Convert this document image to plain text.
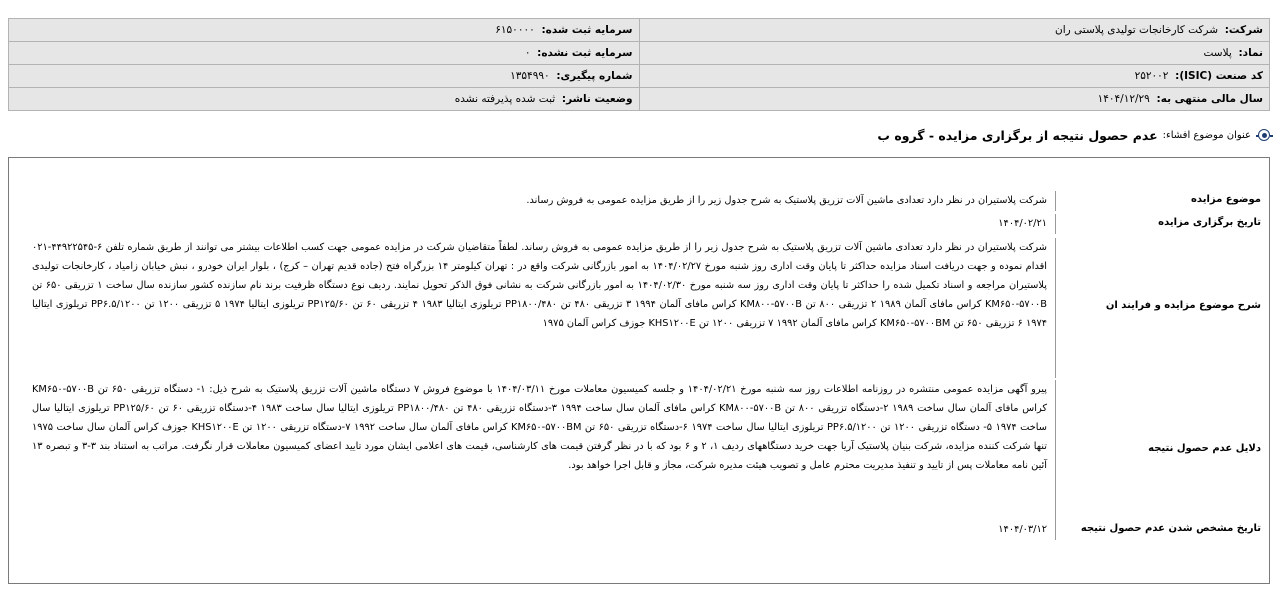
شرکت:  شرکت کارخانجات تولیدی پلاستی ران	سرمایه ثبت شده:  ۶۱۵۰۰۰۰
نماد:  پلاست	سرمایه ثبت نشده:  ۰
کد صنعت (ISIC):  ۲۵۲۰۰۲	شماره پیگیری:  ۱۳۵۴۹۹۰
سال مالی منتهی به:  ۱۴۰۴/۱۲/۲۹	وضعیت ناشر:  ثبت شده پذیرفته نشده
عنوان موضوع افشاء:
عدم حصول نتیجه از برگزاری مزایده - گروه ب
موضوع مزایده
شرکت پلاستیران در نظر دارد تعدادی ماشین آلات تزریق پلاستیک به شرح جدول زیر را از طریق مزایده عمومی به فروش رساند.
تاریخ برگزاری مزایده
۱۴۰۴/۰۲/۲۱
شرح موضوع مزایده و فرایند ان
شرکت پلاستیران در نظر دارد تعدادی ماشین آلات تزریق پلاستیک به شرح جدول زیر را از طریق مزایده عمومی به فروش رساند. لطفاً متقاضیان شرکت در مزایده عمومی جهت کسب اطلاعات بیشتر می توانند از طریق شماره تلفن ۶-۴۴۹۲۲۵۴۵-۰۲۱ اقدام نموده و جهت دریافت اسناد مزایده حداکثر تا پایان وقت اداری روز شنبه مورخ ۱۴۰۴/۰۲/۲۷ به امور بازرگانی شرکت واقع در : تهران کیلومتر ۱۴ بزرگراه فتح (جاده قدیم تهران – کرج) ، بلوار ایران خودرو ، نبش خیابان زامیاد ، کارخانجات تولیدی پلاستیران مراجعه و اسناد تکمیل شده را حداکثر تا پایان وقت اداری روز سه شنبه مورخ ۱۴۰۴/۰۲/۳۰ به امور بازرگانی شرکت به نشانی فوق الذکر تحویل نمایند. ردیف نوع دستگاه ظرفیت برند نام سازنده کشور سازنده سال ساخت ۱ تزریقی ۶۵۰ تن KM۶۵۰-۵۷۰۰B کراس مافای آلمان ۱۹۸۹ ۲ تزریقی ۸۰۰ تن KM۸۰۰-۵۷۰۰B کراس مافای آلمان ۱۹۹۴ ۳ تزریقی ۴۸۰ تن PP۱۸۰۰/۴۸۰ تریلوزی ایتالیا ۱۹۸۳ ۴ تزریقی ۶۰ تن PP۱۲۵/۶۰ تریلوزی ایتالیا ۱۹۷۴ ۵ تزریقی ۱۲۰۰ تن PP۶.۵/۱۲۰۰ تریلوزی ایتالیا ۱۹۷۴ ۶ تزریقی ۶۵۰ تن KM۶۵۰-۵۷۰۰BM کراس مافای آلمان ۱۹۹۲ ۷ تزریقی ۱۲۰۰ تن KHS۱۲۰۰E جوزف کراس آلمان ۱۹۷۵
دلایل عدم حصول نتیجه
پیرو آگهی مزایده عمومی منتشره در روزنامه اطلاعات روز سه شنبه مورخ ۱۴۰۴/۰۲/۲۱ و جلسه کمیسیون معاملات مورخ ۱۴۰۴/۰۳/۱۱ با موضوع فروش ۷ دستگاه ماشین آلات تزریق پلاستیک به شرح ذیل: ۱- دستگاه تزریقی ۶۵۰ تن KM۶۵۰-۵۷۰۰B کراس مافای آلمان سال ساخت ۱۹۸۹ ۲-دستگاه تزریقی ۸۰۰ تن KM۸۰۰-۵۷۰۰B کراس مافای آلمان سال ساخت ۱۹۹۴ ۳-دستگاه تزریقی ۴۸۰ تن PP۱۸۰۰/۴۸۰ تریلوزی ایتالیا سال ساخت ۱۹۸۳ ۴-دستگاه تزریقی ۶۰ تن PP۱۲۵/۶۰ تریلوزی ایتالیا سال ساخت ۱۹۷۴ ۵- دستگاه تزریقی ۱۲۰۰ تن PP۶.۵/۱۲۰۰ تریلوزی ایتالیا سال ساخت ۱۹۷۴ ۶-دستگاه تزریقی ۶۵۰ تن KM۶۵۰-۵۷۰۰BM کراس مافای آلمان سال ساخت ۱۹۹۲ ۷-دستگاه تزریقی ۱۲۰۰ تن KHS۱۲۰۰E جوزف کراس آلمان سال ساخت ۱۹۷۵ تنها شرکت کننده مزایده، شرکت بنیان پلاستیک آریا جهت خرید دستگاههای ردیف ۱، ۲ و ۶ بود که با در نظر گرفتن قیمت های کارشناسی، قیمت های اعلامی ایشان مورد تایید اعضای کمیسیون معاملات قرار نگرفت. مراتب به استناد بند ۳-۳ و تبصره ۱۳ آئین نامه معاملات پس از تایید و تنفیذ مدیریت محترم عامل و تصویب هیئت مدیره شرکت، مجاز و قابل اجرا خواهد بود.
تاریخ مشخص شدن عدم حصول نتیجه
۱۴۰۴/۰۳/۱۲
